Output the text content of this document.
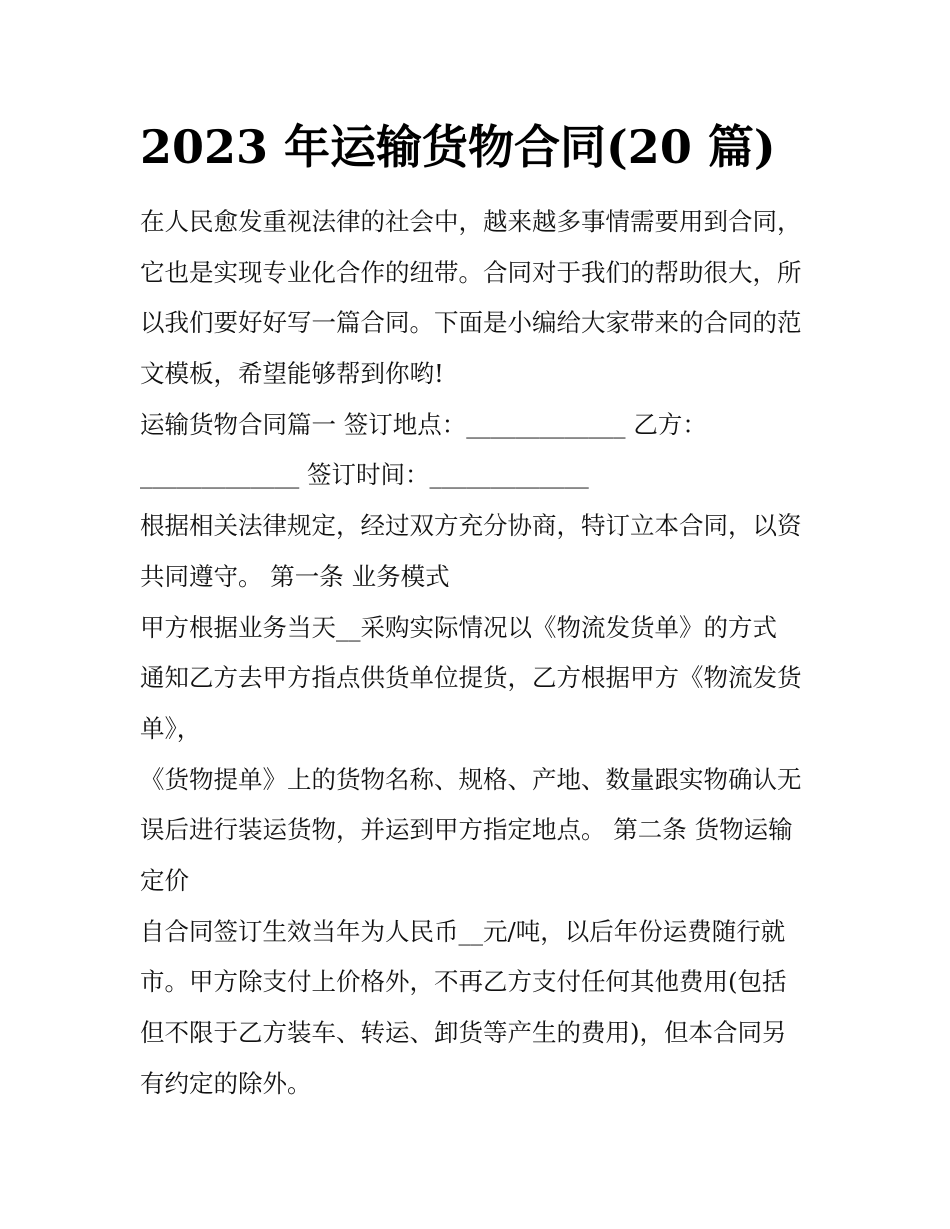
2023 年运输货物合同(20 篇)
在人民愈发重视法律的社会中，越来越多事情需要用到合同，
它也是实现专业化合作的纽带。合同对于我们的帮助很大，所
以我们要好好写一篇合同。下面是小编给大家带来的合同的范
文模板，希望能够帮到你哟!
运输货物合同篇一 签订地点：_____________ 乙方：
_____________ 签订时间：_____________
根据相关法律规定，经过双方充分协商，特订立本合同，以资
共同遵守。 第一条 业务模式
甲方根据业务当天__采购实际情况以《物流发货单》的方式
通知乙方去甲方指点供货单位提货，乙方根据甲方《物流发货
单》，
《货物提单》上的货物名称、规格、产地、数量跟实物确认无
误后进行装运货物，并运到甲方指定地点。 第二条 货物运输
定价
自合同签订生效当年为人民币__元/吨，以后年份运费随行就
市。甲方除支付上价格外，不再乙方支付任何其他费用(包括
但不限于乙方装车、转运、卸货等产生的费用)，但本合同另
有约定的除外。
